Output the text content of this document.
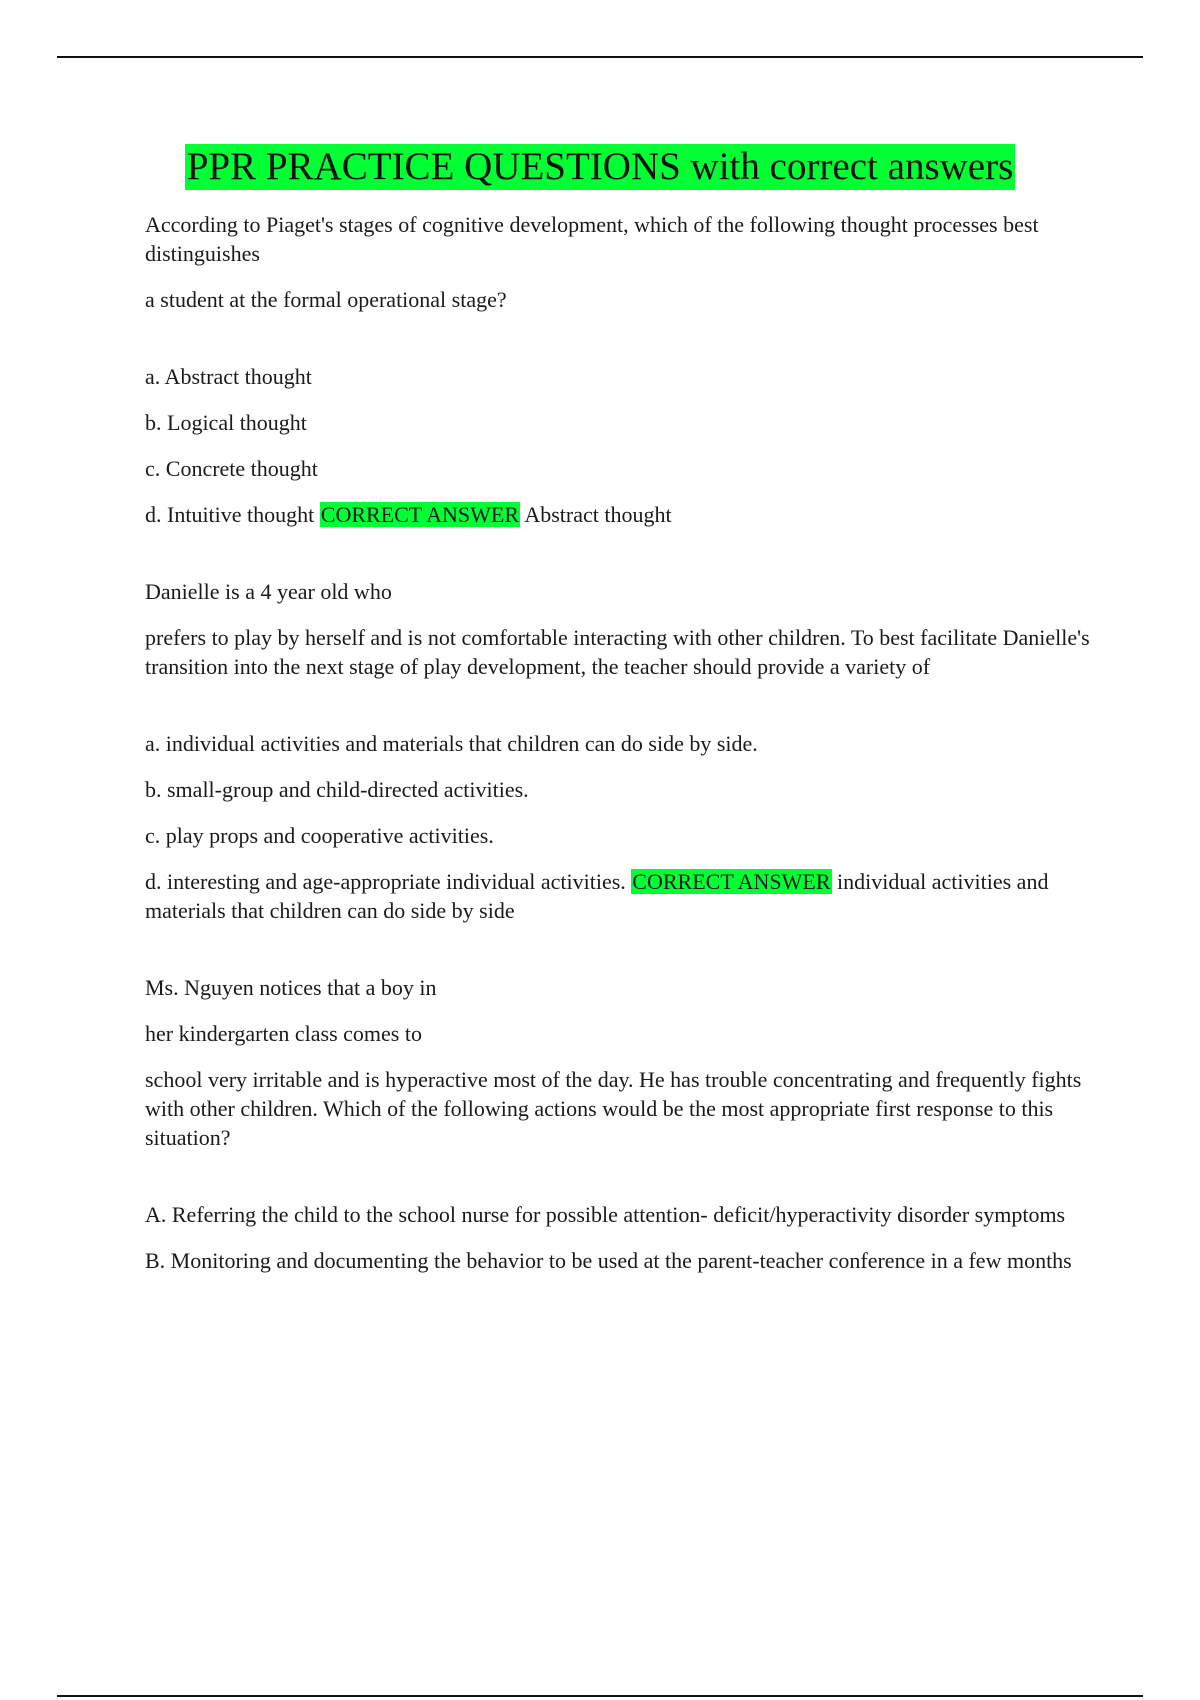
PPR PRACTICE QUESTIONS with correct answers

According to Piaget's stages of cognitive development, which of the following thought processes best distinguishes

a student at the formal operational stage?

a. Abstract thought

b. Logical thought

c. Concrete thought

d. Intuitive thought CORRECT ANSWER Abstract thought

Danielle is a 4 year old who

prefers to play by herself and is not comfortable interacting with other children. To best facilitate Danielle's transition into the next stage of play development, the teacher should provide a variety of

a. individual activities and materials that children can do side by side.

b. small-group and child-directed activities.

c. play props and cooperative activities.

d. interesting and age-appropriate individual activities. CORRECT ANSWER individual activities and materials that children can do side by side

Ms. Nguyen notices that a boy in

her kindergarten class comes to

school very irritable and is hyperactive most of the day. He has trouble concentrating and frequently fights with other children. Which of the following actions would be the most appropriate first response to this situation?

A. Referring the child to the school nurse for possible attention- deficit/hyperactivity disorder symptoms

B. Monitoring and documenting the behavior to be used at the parent-teacher conference in a few months
